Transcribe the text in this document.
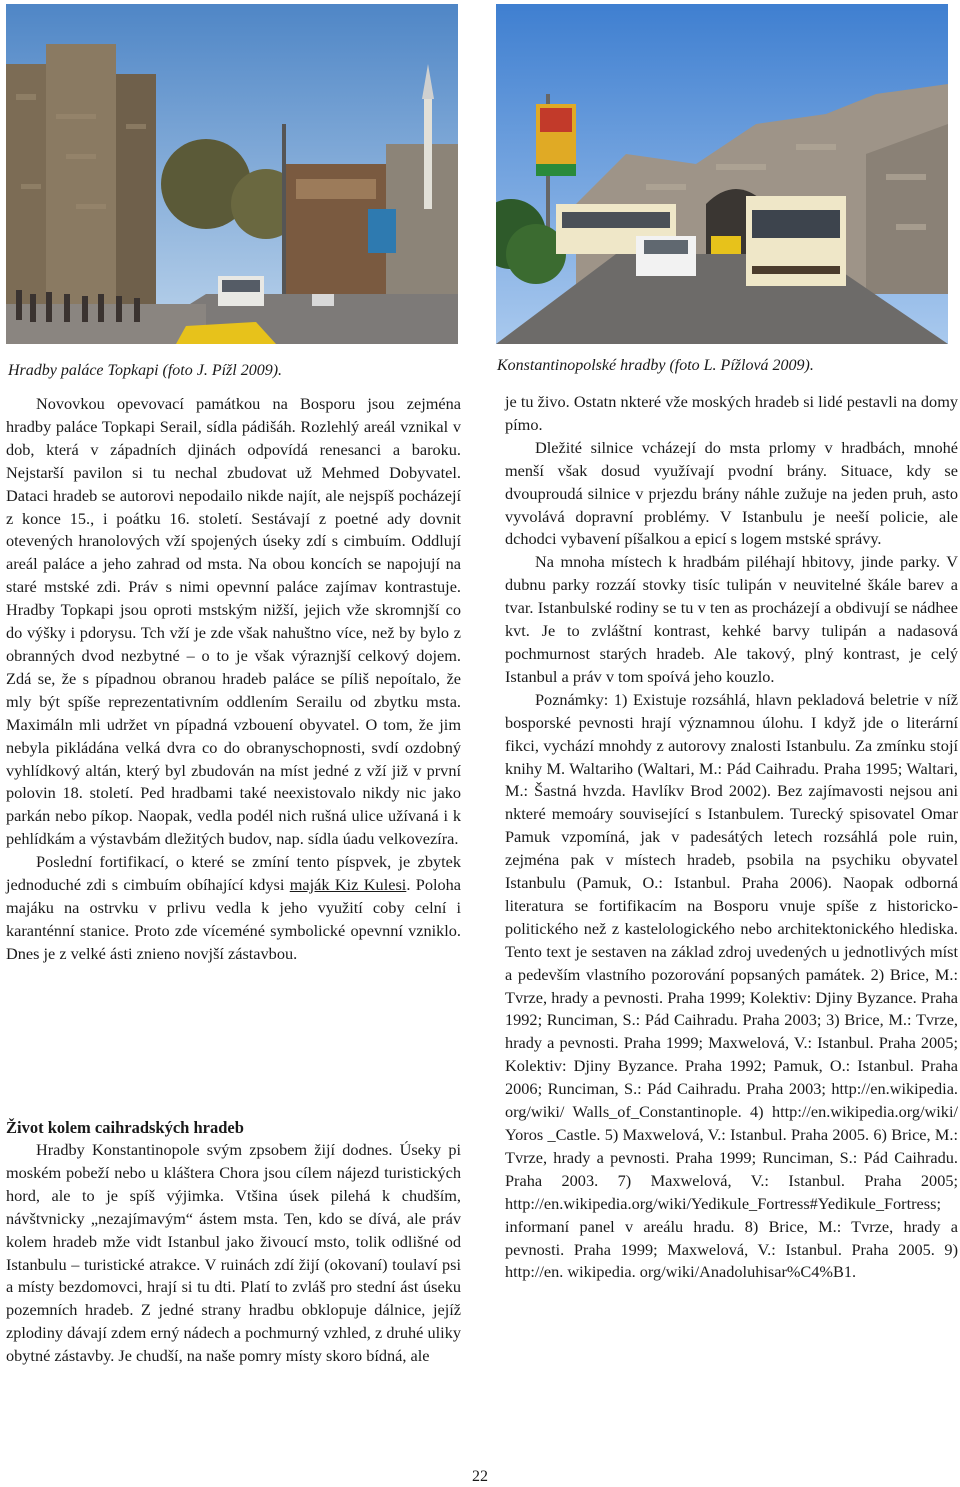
Hradby paláce Topkapi (foto J. Pížl 2009).	Konstantinopolské hradby (foto L. Pížlová 2009).

Novovkou opevovací památkou na Bosporu jsou zejména hradby paláce Topkapi Serail, sídla pádišáh. Rozlehlý areál vznikal v dob, která v západních djinách odpovídá renesanci a baroku. Nejstarší pavilon si tu nechal zbudovat už Mehmed Dobyvatel. Dataci hradeb se autorovi nepodailo nikde najít, ale nejspíš pocházejí z konce 15., i poátku 16. století. Sestávají z poetné ady dovnit otevených hranolových vží spojených úseky zdí s cimbuím. Oddlují areál paláce a jeho zahrad od msta. Na obou koncích se napojují na staré mstské zdi. Práv s nimi opevnní paláce zajímav kontrastuje. Hradby Topkapi jsou oproti mstským nižší, jejich vže skromnjší co do výšky i pdorysu. Tch vží je zde však nahuštno více, než by bylo z obranných dvod nezbytné – o to je však výraznjší celkový dojem. Zdá se, že s pípadnou obranou hradeb paláce se píliš nepoítalo, že mly být spíše reprezentativním oddlením Serailu od zbytku msta. Maximáln mli udržet vn pípadná vzbouení obyvatel. O tom, že jim nebyla pikládána velká dvra co do obranyschopnosti, svdí ozdobný vyhlídkový altán, který byl zbudován na míst jedné z vží již v první polovin 18. století. Ped hradbami také neexistovalo nikdy nic jako parkán nebo píkop. Naopak, vedla podél nich rušná ulice užívaná i k pehlídkám a výstavbám dležitých budov, nap. sídla úadu velkovezíra.

Poslední fortifikací, o které se zmíní tento píspvek, je zbytek jednoduché zdi s cimbuím obíhající kdysi maják Kiz Kulesi. Poloha majáku na ostrvku v prlivu vedla k jeho využití coby celní i karanténní stanice. Proto zde víceméné symbolické opevnní vzniklo. Dnes je z velké ásti znieno novjší zástavbou.

Život kolem caihradských hradeb

Hradby Konstantinopole svým zpsobem žijí dodnes. Úseky pi moském pobeží nebo u kláštera Chora jsou cílem nájezd turistických hord, ale to je spíš výjimka. Vtšina úsek pilehá k chudším, návštvnicky „nezajímavým“ ástem msta. Ten, kdo se dívá, ale práv kolem hradeb mže vidt Istanbul jako živoucí msto, tolik odlišné od Istanbulu – turistické atrakce. V ruinách zdí žijí (okovaní) toulaví psi a místy bezdomovci, hrají si tu dti. Platí to zvláš pro stední ást úseku pozemních hradeb. Z jedné strany hradbu obklopuje dálnice, jejíž zplodiny dávají zdem erný nádech a pochmurný vzhled, z druhé uliky obytné zástavby. Je chudší, na naše pomry místy skoro bídná, ale

je tu živo. Ostatn nkteré vže moských hradeb si lidé pestavli na domy pímo.

Dležité silnice vcházejí do msta prlomy v hradbách, mnohé menší však dosud využívají pvodní brány. Situace, kdy se dvouproudá silnice v prjezdu brány náhle zužuje na jeden pruh, asto vyvolává dopravní problémy. V Istanbulu je neeší policie, ale dchodci vybavení píšalkou a epicí s logem mstské správy.

Na mnoha místech k hradbám piléhají hbitovy, jinde parky. V dubnu parky rozzáí stovky tisíc tulipán v neuvitelné škále barev a tvar. Istanbulské rodiny se tu v ten as procházejí a obdivují se nádhee kvt. Je to zvláštní kontrast, kehké barvy tulipán a nadasová pochmurnost starých hradeb. Ale takový, plný kontrast, je celý Istanbul a práv v tom spoívá jeho kouzlo.

Poznámky: 1) Existuje rozsáhlá, hlavn pekladová beletrie v níž bosporské pevnosti hrají významnou úlohu. I když jde o literární fikci, vychází mnohdy z autorovy znalosti Istanbulu. Za zmínku stojí knihy M. Waltariho (Waltari, M.: Pád Caihradu. Praha 1995; Waltari, M.: Šastná hvzda. Havlíkv Brod 2002). Bez zajímavosti nejsou ani nkteré memoáry související s Istanbulem. Turecký spisovatel Omar Pamuk vzpomíná, jak v padesátých letech rozsáhlá pole ruin, zejména pak v místech hradeb, psobila na psychiku obyvatel Istanbulu (Pamuk, O.: Istanbul. Praha 2006). Naopak odborná literatura se fortifikacím na Bosporu vnuje spíše z historicko-politického než z kastelologického nebo architektonického hlediska. Tento text je sestaven na základ zdroj uvedených u jednotlivých míst a pedevším vlastního pozorování popsaných památek. 2) Brice, M.: Tvrze, hrady a pevnosti. Praha 1999; Kolektiv: Djiny Byzance. Praha 1992; Runciman, S.: Pád Caihradu. Praha 2003; 3) Brice, M.: Tvrze, hrady a pevnosti. Praha 1999; Maxwelová, V.: Istanbul. Praha 2005; Kolektiv: Djiny Byzance. Praha 1992; Pamuk, O.: Istanbul. Praha 2006; Runciman, S.: Pád Caihradu. Praha 2003; http://en.wikipedia. org/wiki/ Walls_of_Constantinople. 4) http://en.wikipedia.org/wiki/ Yoros _Castle. 5) Maxwelová, V.: Istanbul. Praha 2005. 6) Brice, M.: Tvrze, hrady a pevnosti. Praha 1999; Runciman, S.: Pád Caihradu. Praha 2003. 7) Maxwelová, V.: Istanbul. Praha 2005; http://en.wikipedia.org/wiki/Yedikule_Fortress#Yedikule_Fortress; informaní panel v areálu hradu. 8) Brice, M.: Tvrze, hrady a pevnosti. Praha 1999; Maxwelová, V.: Istanbul. Praha 2005. 9) http://en. wikipedia. org/wiki/Anadoluhisar%C4%B1.

22
